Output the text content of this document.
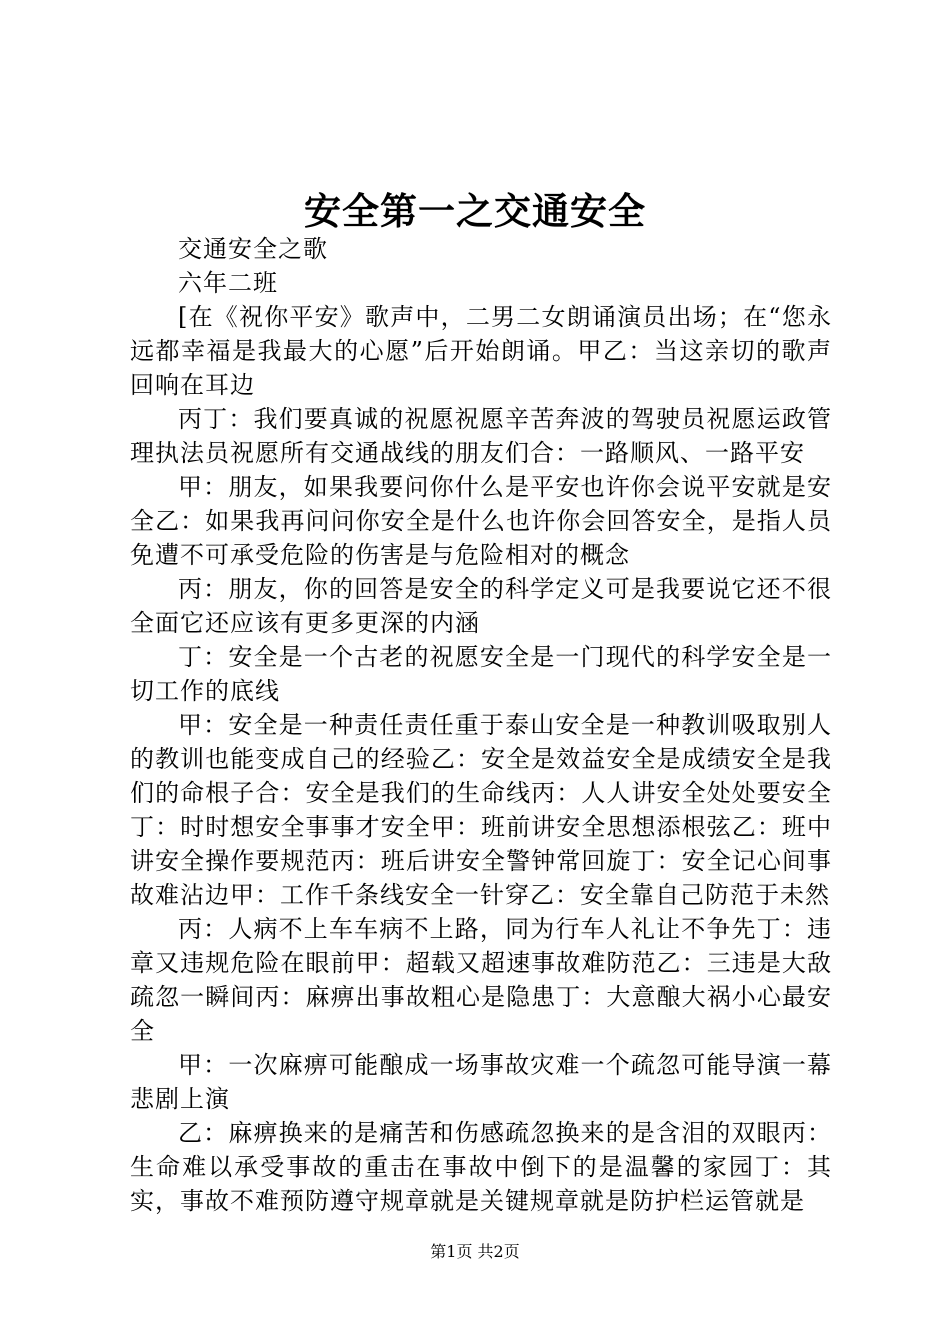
安全第一之交通安全

交通安全之歌

六年二班

[在《祝你平安》歌声中，二男二女朗诵演员出场；在“您永远都幸福是我最大的心愿”后开始朗诵。甲乙：当这亲切的歌声回响在耳边

丙丁：我们要真诚的祝愿祝愿辛苦奔波的驾驶员祝愿运政管理执法员祝愿所有交通战线的朋友们合：一路顺风、一路平安

甲：朋友，如果我要问你什么是平安也许你会说平安就是安全乙：如果我再问问你安全是什么也许你会回答安全，是指人员免遭不可承受危险的伤害是与危险相对的概念

丙：朋友，你的回答是安全的科学定义可是我要说它还不很全面它还应该有更多更深的内涵

丁：安全是一个古老的祝愿安全是一门现代的科学安全是一切工作的底线

甲：安全是一种责任责任重于泰山安全是一种教训吸取别人的教训也能变成自己的经验乙：安全是效益安全是成绩安全是我们的命根子合：安全是我们的生命线丙：人人讲安全处处要安全丁：时时想安全事事才安全甲：班前讲安全思想添根弦乙：班中讲安全操作要规范丙：班后讲安全警钟常回旋丁：安全记心间事故难沾边甲：工作千条线安全一针穿乙：安全靠自己防范于未然

丙：人病不上车车病不上路，同为行车人礼让不争先丁：违章又违规危险在眼前甲：超载又超速事故难防范乙：三违是大敌疏忽一瞬间丙：麻痹出事故粗心是隐患丁：大意酿大祸小心最安全

甲：一次麻痹可能酿成一场事故灾难一个疏忽可能导演一幕悲剧上演

乙：麻痹换来的是痛苦和伤感疏忽换来的是含泪的双眼丙：生命难以承受事故的重击在事故中倒下的是温馨的家园丁：其实，事故不难预防遵守规章就是关键规章就是防护栏运管就是

第1页 共2页
